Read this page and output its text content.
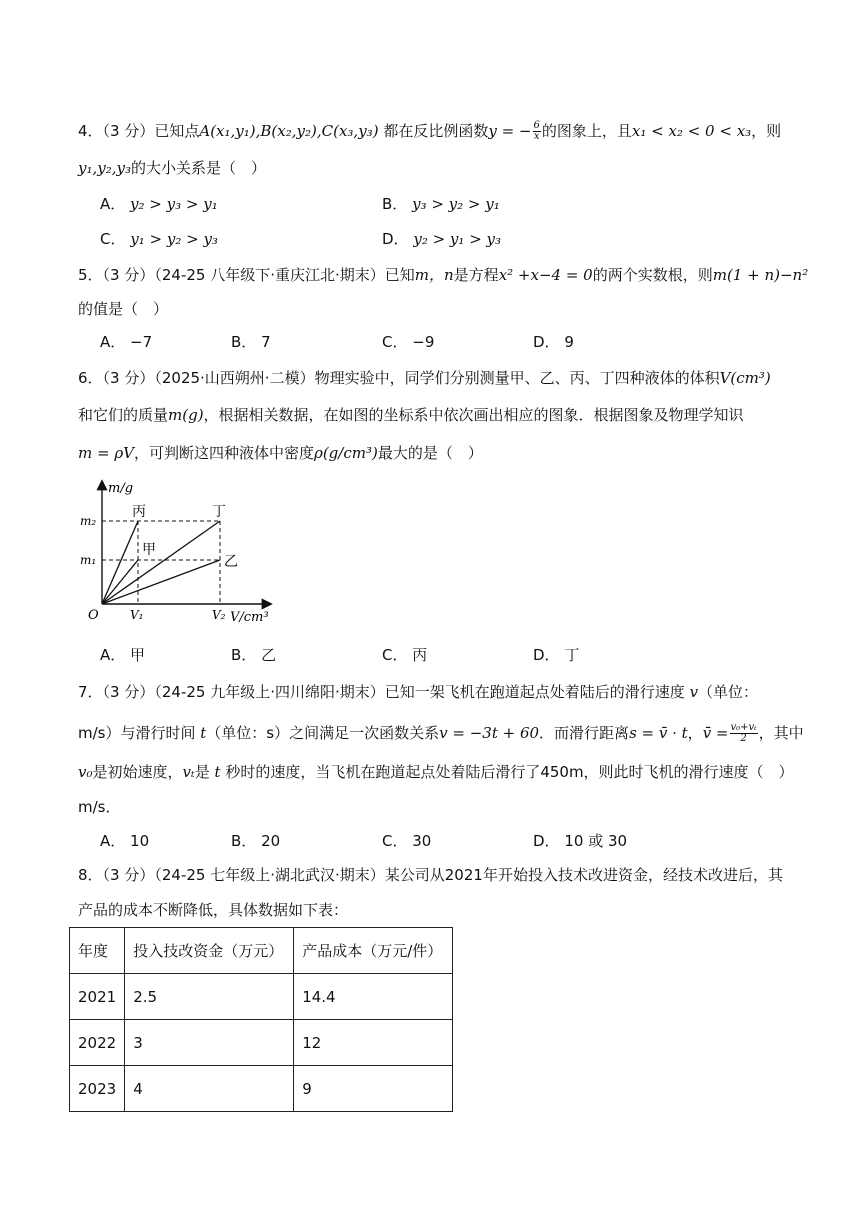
4．（3 分）已知点A(x₁,y₁),B(x₂,y₂),C(x₃,y₃) 都在反比例函数y = − $\frac{6}{x}$ 的图象上，且x₁ < x₂ < 0 < x₃，则
y₁,y₂,y₃的大小关系是（　）
A． y₂ > y₃ > y₁	B． y₃ > y₂ > y₁
C． y₁ > y₂ > y₃	D． y₂ > y₁ > y₃
5．（3 分）（24-25 八年级下·重庆江北·期末）已知m，n是方程x² +x−4 = 0的两个实数根，则m(1 + n)−n²
的值是（　）
A． −7	B． 7	C． −9	D． 9
6．（3 分）（2025·山西朔州·二模）物理实验中，同学们分别测量甲、乙、丙、丁四种液体的体积V(cm³)
和它们的质量m(g)，根据相关数据，在如图的坐标系中依次画出相应的图象．根据图象及物理学知识
m = ρV，可判断这四种液体中密度ρ(g/cm³)最大的是（　）
m/g
V/cm³
O
m₂
m₁
V₁	V₂
丙	丁
甲
乙
A． 甲	B． 乙	C． 丙	D． 丁
7．（3 分）（24-25 九年级上·四川绵阳·期末）已知一架飞机在跑道起点处着陆后的滑行速度 v（单位：
m/s）与滑行时间 t（单位：s）之间满足一次函数关系v = −3t + 60．而滑行距离s = v̄ · t，v̄ = $\frac{\text{v₀+vₜ}}{2}$ ，其中
v₀是初始速度，vₜ是 t 秒时的速度，当飞机在跑道起点处着陆后滑行了450m，则此时飞机的滑行速度（　）
m/s．
A． 10	B． 20	C． 30	D． 10 或 30
8．（3 分）（24-25 七年级上·湖北武汉·期末）某公司从2021年开始投入技术改进资金，经技术改进后，其
产品的成本不断降低，具体数据如下表：
年度	投入技改资金（万元）	产品成本（万元/件）
2021	2.5	14.4
2022	3	12
2023	4	9
